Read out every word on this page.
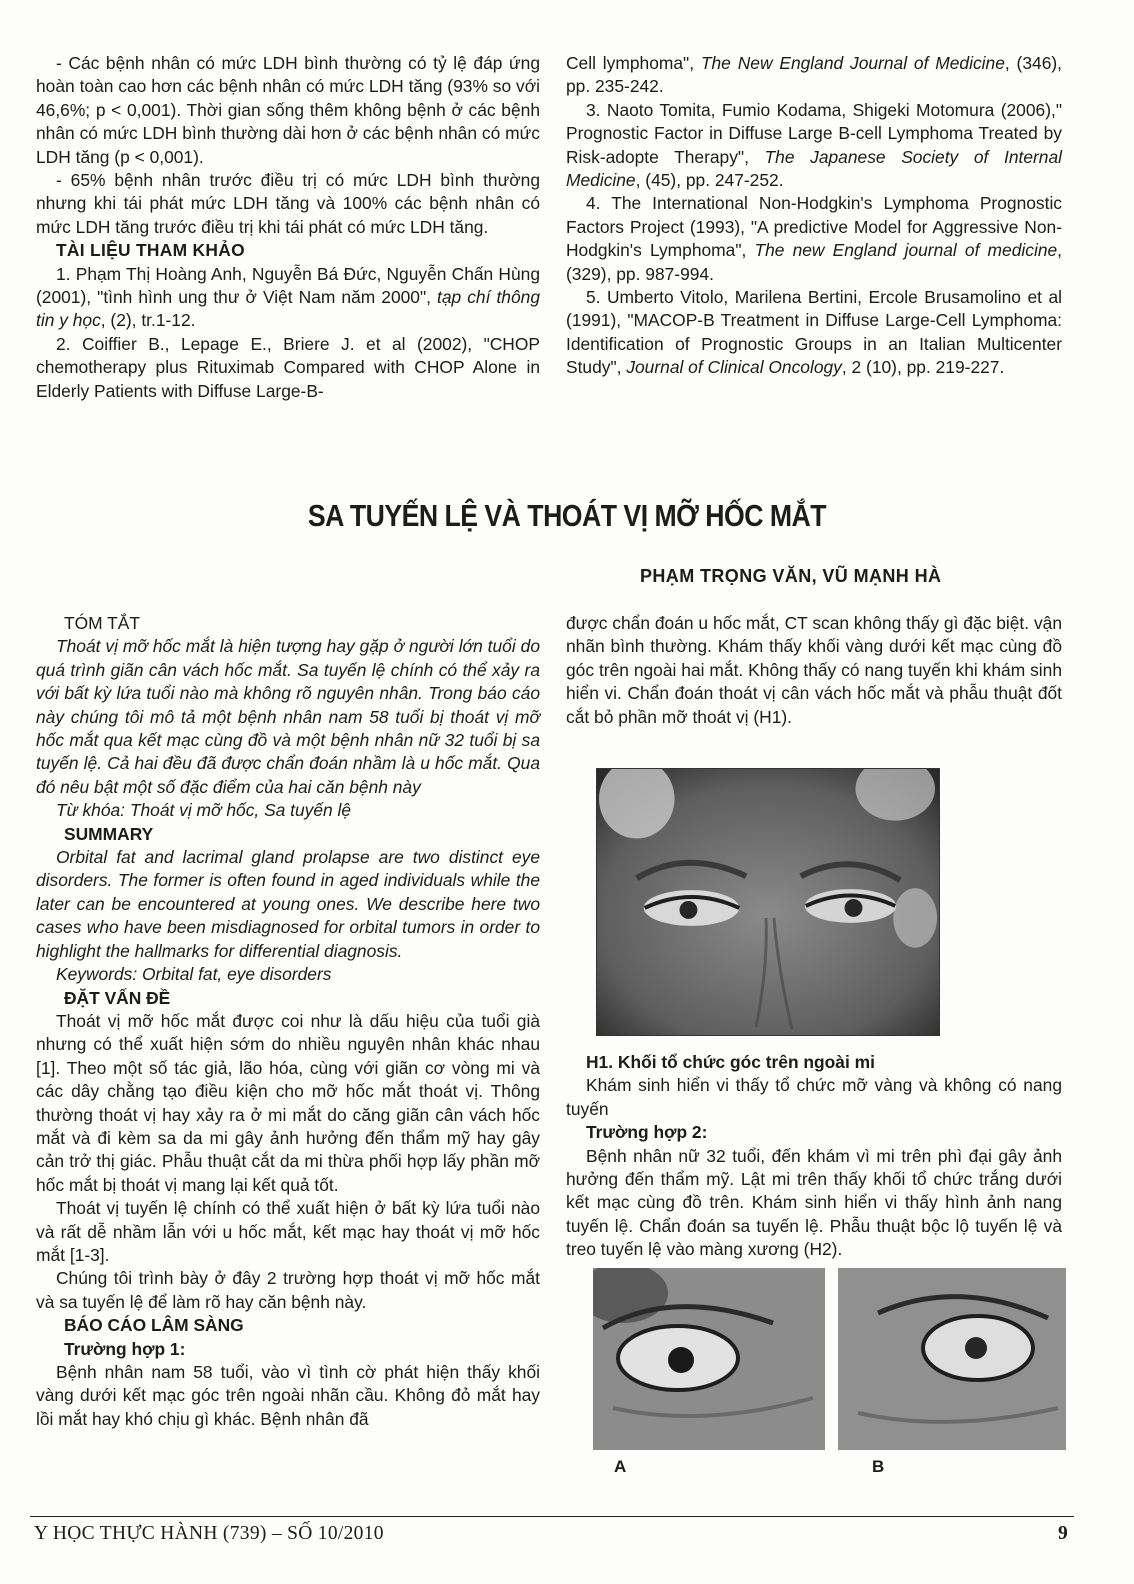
- Các bệnh nhân có mức LDH bình thường có tỷ lệ đáp ứng hoàn toàn cao hơn các bệnh nhân có mức LDH tăng (93% so với 46,6%; p < 0,001). Thời gian sống thêm không bệnh ở các bệnh nhân có mức LDH bình thường dài hơn ở các bệnh nhân có mức LDH tăng (p < 0,001).

- 65% bệnh nhân trước điều trị có mức LDH bình thường nhưng khi tái phát mức LDH tăng và 100% các bệnh nhân có mức LDH tăng trước điều trị khi tái phát có mức LDH tăng.

TÀI LIỆU THAM KHẢO

1. Phạm Thị Hoàng Anh, Nguyễn Bá Đức, Nguyễn Chấn Hùng (2001), "tình hình ung thư ở Việt Nam năm 2000", tạp chí thông tin y học, (2), tr.1-12.

2. Coiffier B., Lepage E., Briere J. et al (2002), "CHOP chemotherapy plus Rituximab Compared with CHOP Alone in Elderly Patients with Diffuse Large-B-

Cell lymphoma", The New England Journal of Medicine, (346), pp. 235-242.

3. Naoto Tomita, Fumio Kodama, Shigeki Motomura (2006)," Prognostic Factor in Diffuse Large B-cell Lymphoma Treated by Risk-adopte Therapy", The Japanese Society of Internal Medicine, (45), pp. 247-252.

4. The International Non-Hodgkin's Lymphoma Prognostic Factors Project (1993), "A predictive Model for Aggressive Non-Hodgkin's Lymphoma", The new England journal of medicine, (329), pp. 987-994.

5. Umberto Vitolo, Marilena Bertini, Ercole Brusamolino et al (1991), "MACOP-B Treatment in Diffuse Large-Cell Lymphoma: Identification of Prognostic Groups in an Italian Multicenter Study", Journal of Clinical Oncology, 2 (10), pp. 219-227.

SA TUYẾN LỆ VÀ THOÁT VỊ MỠ HỐC MẮT
PHẠM TRỌNG VĂN, VŨ MẠNH HÀ

TÓM TẮT

Thoát vị mỡ hốc mắt là hiện tượng hay gặp ở người lớn tuổi do quá trình giãn cân vách hốc mắt. Sa tuyến lệ chính có thể xảy ra với bất kỳ lứa tuổi nào mà không rõ nguyên nhân. Trong báo cáo này chúng tôi mô tả một bệnh nhân nam 58 tuổi bị thoát vị mỡ hốc mắt qua kết mạc cùng đồ và một bệnh nhân nữ 32 tuổi bị sa tuyến lệ. Cả hai đều đã được chẩn đoán nhầm là u hốc mắt. Qua đó nêu bật một số đặc điểm của hai căn bệnh này

Từ khóa: Thoát vị mỡ hốc, Sa tuyến lệ

SUMMARY

Orbital fat and lacrimal gland prolapse are two distinct eye disorders. The former is often found in aged individuals while the later can be encountered at young ones. We describe here two cases who have been misdiagnosed for orbital tumors in order to highlight the hallmarks for differential diagnosis.

Keywords: Orbital fat, eye disorders

ĐẶT VẤN ĐỀ

Thoát vị mỡ hốc mắt được coi như là dấu hiệu của tuổi già nhưng có thể xuất hiện sớm do nhiều nguyên nhân khác nhau [1]. Theo một số tác giả, lão hóa, cùng với giãn cơ vòng mi và các dây chằng tạo điều kiện cho mỡ hốc mắt thoát vị. Thông thường thoát vị hay xảy ra ở mi mắt do căng giãn cân vách hốc mắt và đi kèm sa da mi gây ảnh hưởng đến thẩm mỹ hay gây cản trở thị giác. Phẫu thuật cắt da mi thừa phối hợp lấy phần mỡ hốc mắt bị thoát vị mang lại kết quả tốt.

Thoát vị tuyến lệ chính có thể xuất hiện ở bất kỳ lứa tuổi nào và rất dễ nhầm lẫn với u hốc mắt, kết mạc hay thoát vị mỡ hốc mắt [1-3].

Chúng tôi trình bày ở đây 2 trường hợp thoát vị mỡ hốc mắt và sa tuyến lệ để làm rõ hay căn bệnh này.

BÁO CÁO LÂM SÀNG

Trường hợp 1:

Bệnh nhân nam 58 tuổi, vào vì tình cờ phát hiện thấy khối vàng dưới kết mạc góc trên ngoài nhãn cầu. Không đỏ mắt hay lồi mắt hay khó chịu gì khác. Bệnh nhân đã

được chẩn đoán u hốc mắt, CT scan không thấy gì đặc biệt. vận nhãn bình thường. Khám thấy khối vàng dưới kết mạc cùng đồ góc trên ngoài hai mắt. Không thấy có nang tuyến khi khám sinh hiển vi. Chẩn đoán thoát vị cân vách hốc mắt và phẫu thuật đốt cắt bỏ phần mỡ thoát vị (H1).

H1. Khối tổ chức góc trên ngoài mi

Khám sinh hiển vi thấy tổ chức mỡ vàng và không có nang tuyến

Trường hợp 2:

Bệnh nhân nữ 32 tuổi, đến khám vì mi trên phì đại gây ảnh hưởng đến thẩm mỹ. Lật mi trên thấy khối tổ chức trắng dưới kết mạc cùng đồ trên. Khám sinh hiển vi thấy hình ảnh nang tuyến lệ. Chẩn đoán sa tuyến lệ. Phẫu thuật bộc lộ tuyến lệ và treo tuyến lệ vào màng xương (H2).

A	B
Y HỌC THỰC HÀNH (739) – SỐ 10/2010	9
